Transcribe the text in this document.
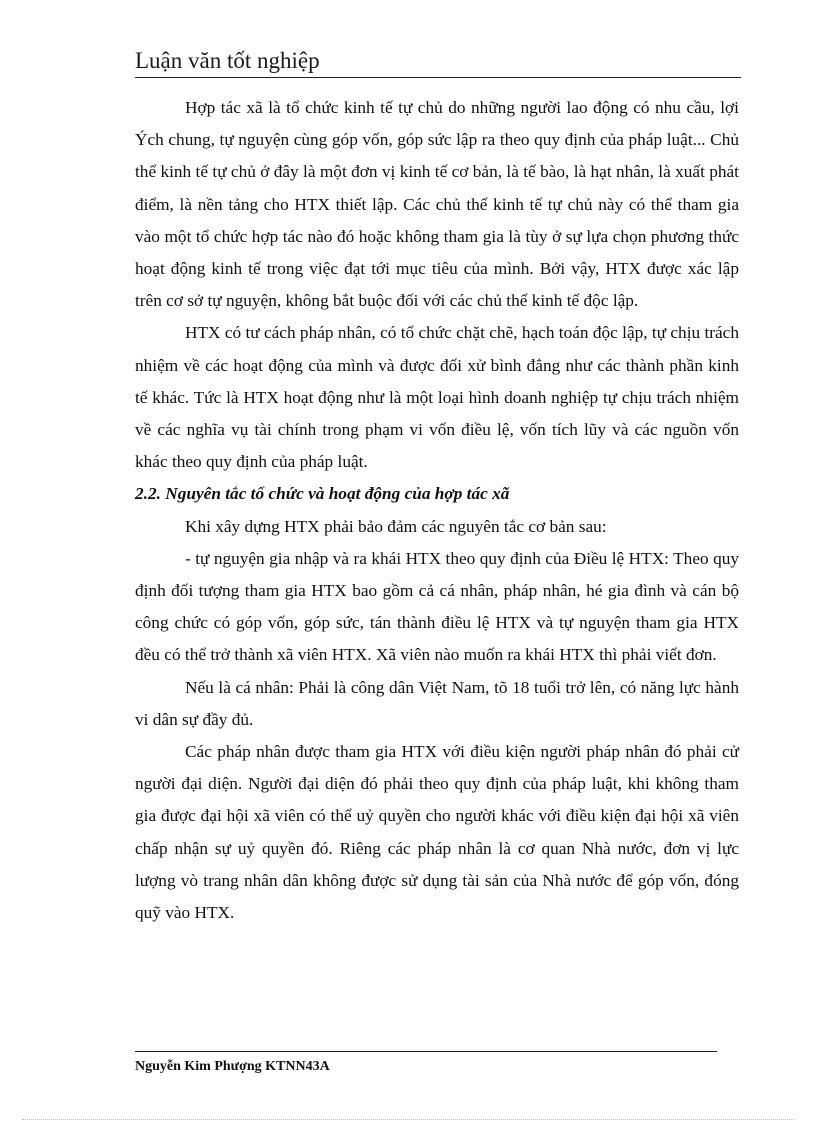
Luận văn tốt nghiệp

Hợp tác xã là tổ chức kinh tế tự chủ do những người lao động có nhu cầu, lợi Ých chung, tự nguyện cùng góp vốn, góp sức lập ra theo quy định của pháp luật... Chủ thể kinh tế tự chủ ở đây là một đơn vị kinh tế cơ bản, là tế bào, là hạt nhân, là xuất phát điểm, là nền tảng cho HTX thiết lập. Các chủ thể kinh tế tự chủ này có thể tham gia vào một tổ chức hợp tác nào đó hoặc không tham gia là tùy ở sự lựa chọn phương thức hoạt động kinh tế trong việc đạt tới mục tiêu của mình. Bởi vậy, HTX được xác lập trên cơ sở tự nguyện, không bắt buộc đối với các chủ thể kinh tế độc lập.

HTX có tư cách pháp nhân, có tổ chức chặt chẽ, hạch toán độc lập, tự chịu trách nhiệm về các hoạt động của mình và được đối xử bình đẳng như các thành phần kinh tế khác. Tức là HTX hoạt động như là một loại hình doanh nghiệp tự chịu trách nhiệm về các nghĩa vụ tài chính trong phạm vi vốn điều lệ, vốn tích lũy và các nguồn vốn khác theo quy định của pháp luật.

2.2. Nguyên tắc tổ chức và hoạt động của hợp tác xã

Khi xây dựng HTX phải bảo đảm các nguyên tắc cơ bản sau:

- tự nguyện gia nhập và ra khái HTX theo quy định của Điều lệ HTX: Theo quy định đối tượng tham gia HTX bao gồm cả cá nhân, pháp nhân, hé gia đình và cán bộ công chức có góp vốn, góp sức, tán thành điều lệ HTX và tự nguyện tham gia HTX đều có thể trở thành xã viên HTX. Xã viên nào muốn ra khái HTX thì phải viết đơn.

Nếu là cá nhân: Phải là công dân Việt Nam, tõ 18 tuổi trở lên, có năng lực hành vi dân sự đầy đủ.

Các pháp nhân được tham gia HTX với điều kiện người pháp nhân đó phải cử người đại diện. Người đại diện đó phải theo quy định của pháp luật, khi không tham gia được đại hội xã viên có thể uỷ quyền cho người khác với điều kiện đại hội xã viên chấp nhận sự uỷ quyền đó. Riêng các pháp nhân là cơ quan Nhà nước, đơn vị lực lượng vò trang nhân dân không được sử dụng tài sản của Nhà nước để góp vốn, đóng quỹ vào HTX.

Nguyễn Kim Phượng KTNN43A
